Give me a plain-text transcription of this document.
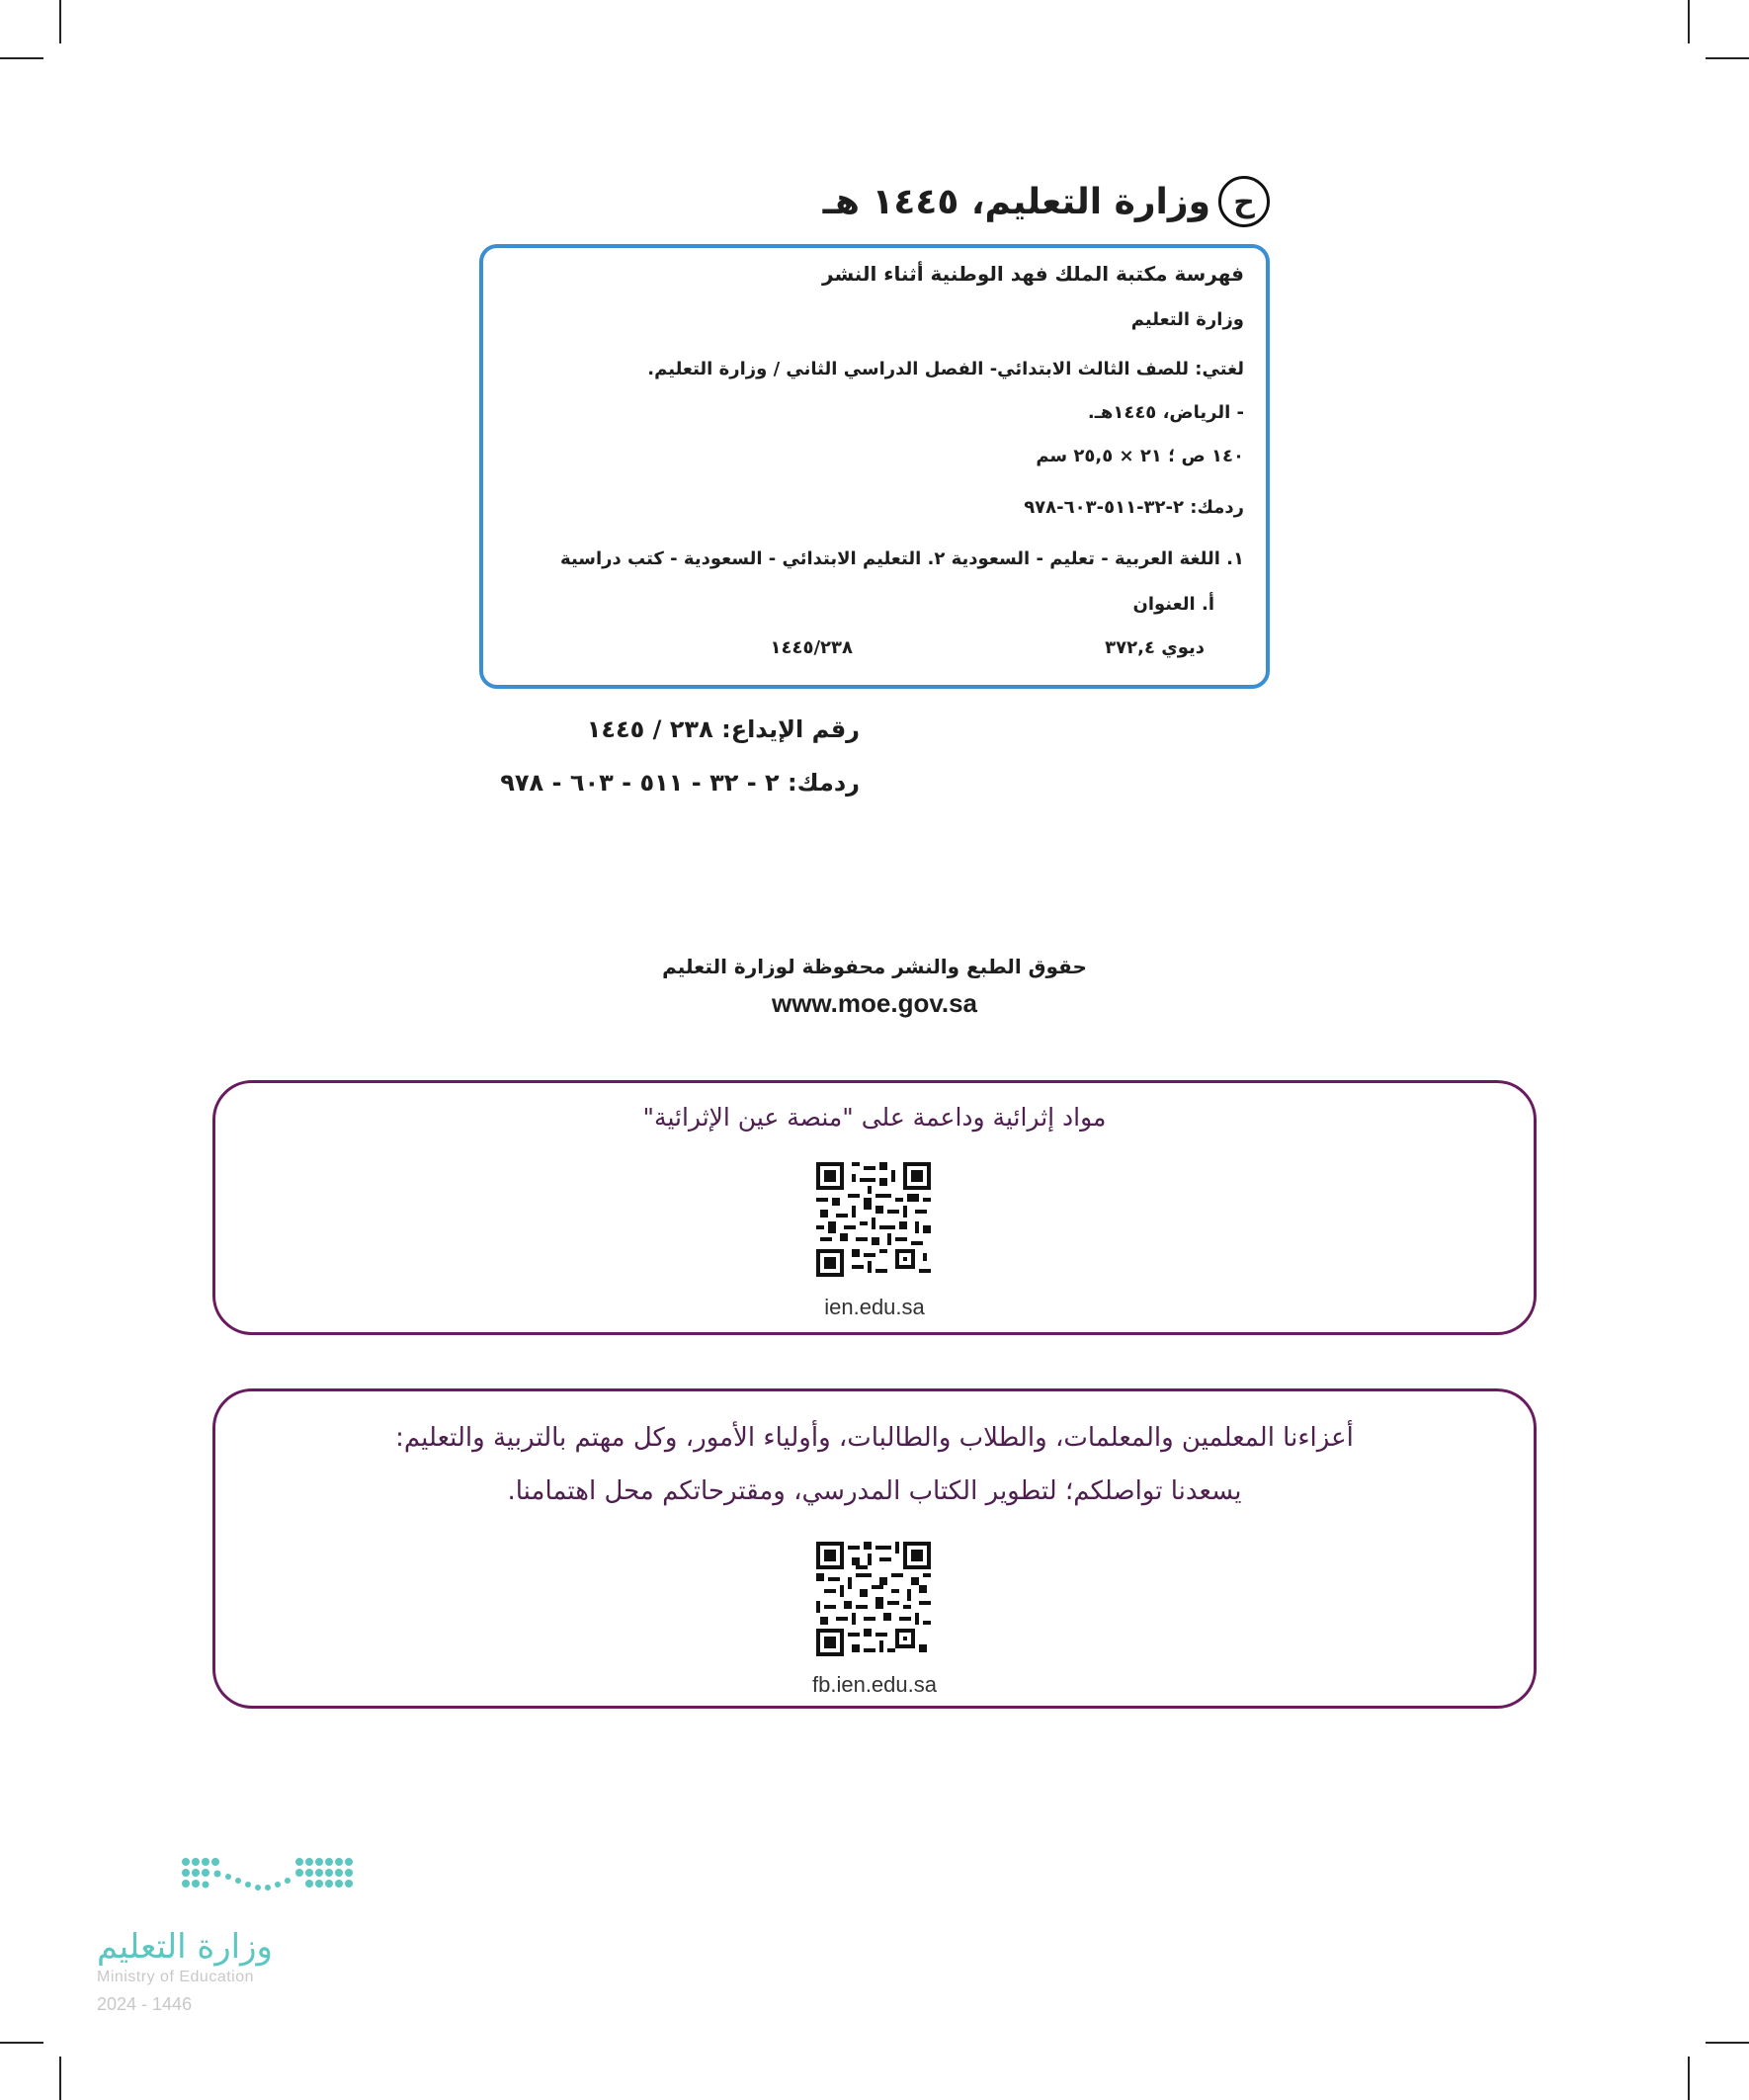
ح
وزارة التعليم، ١٤٤٥ هـ
فهرسة مكتبة الملك فهد الوطنية أثناء النشر
وزارة التعليم
لغتي: للصف الثالث الابتدائي- الفصل الدراسي الثاني / وزارة التعليم.
- الرياض، ١٤٤٥هـ.
١٤٠ ص ؛ ٢١ × ٢٥,٥ سم
ردمك: ٢-٣٢-٥١١-٦٠٣-٩٧٨
١. اللغة العربية - تعليم - السعودية ٢. التعليم الابتدائي - السعودية - كتب دراسية
أ. العنوان
ديوي ٣٧٢,٤
١٤٤٥/٢٣٨
رقم الإيداع: ٢٣٨ / ١٤٤٥
ردمك: ٢ - ٣٢ - ٥١١ - ٦٠٣ - ٩٧٨
حقوق الطبع والنشر محفوظة لوزارة التعليم
www.moe.gov.sa
مواد إثرائية وداعمة على "منصة عين الإثرائية"
ien.edu.sa
أعزاءنا المعلمين والمعلمات، والطلاب والطالبات، وأولياء الأمور، وكل مهتم بالتربية والتعليم:
يسعدنا تواصلكم؛ لتطوير الكتاب المدرسي، ومقترحاتكم محل اهتمامنا.
fb.ien.edu.sa
وزارة التعليم
Ministry of Education
2024 - 1446
